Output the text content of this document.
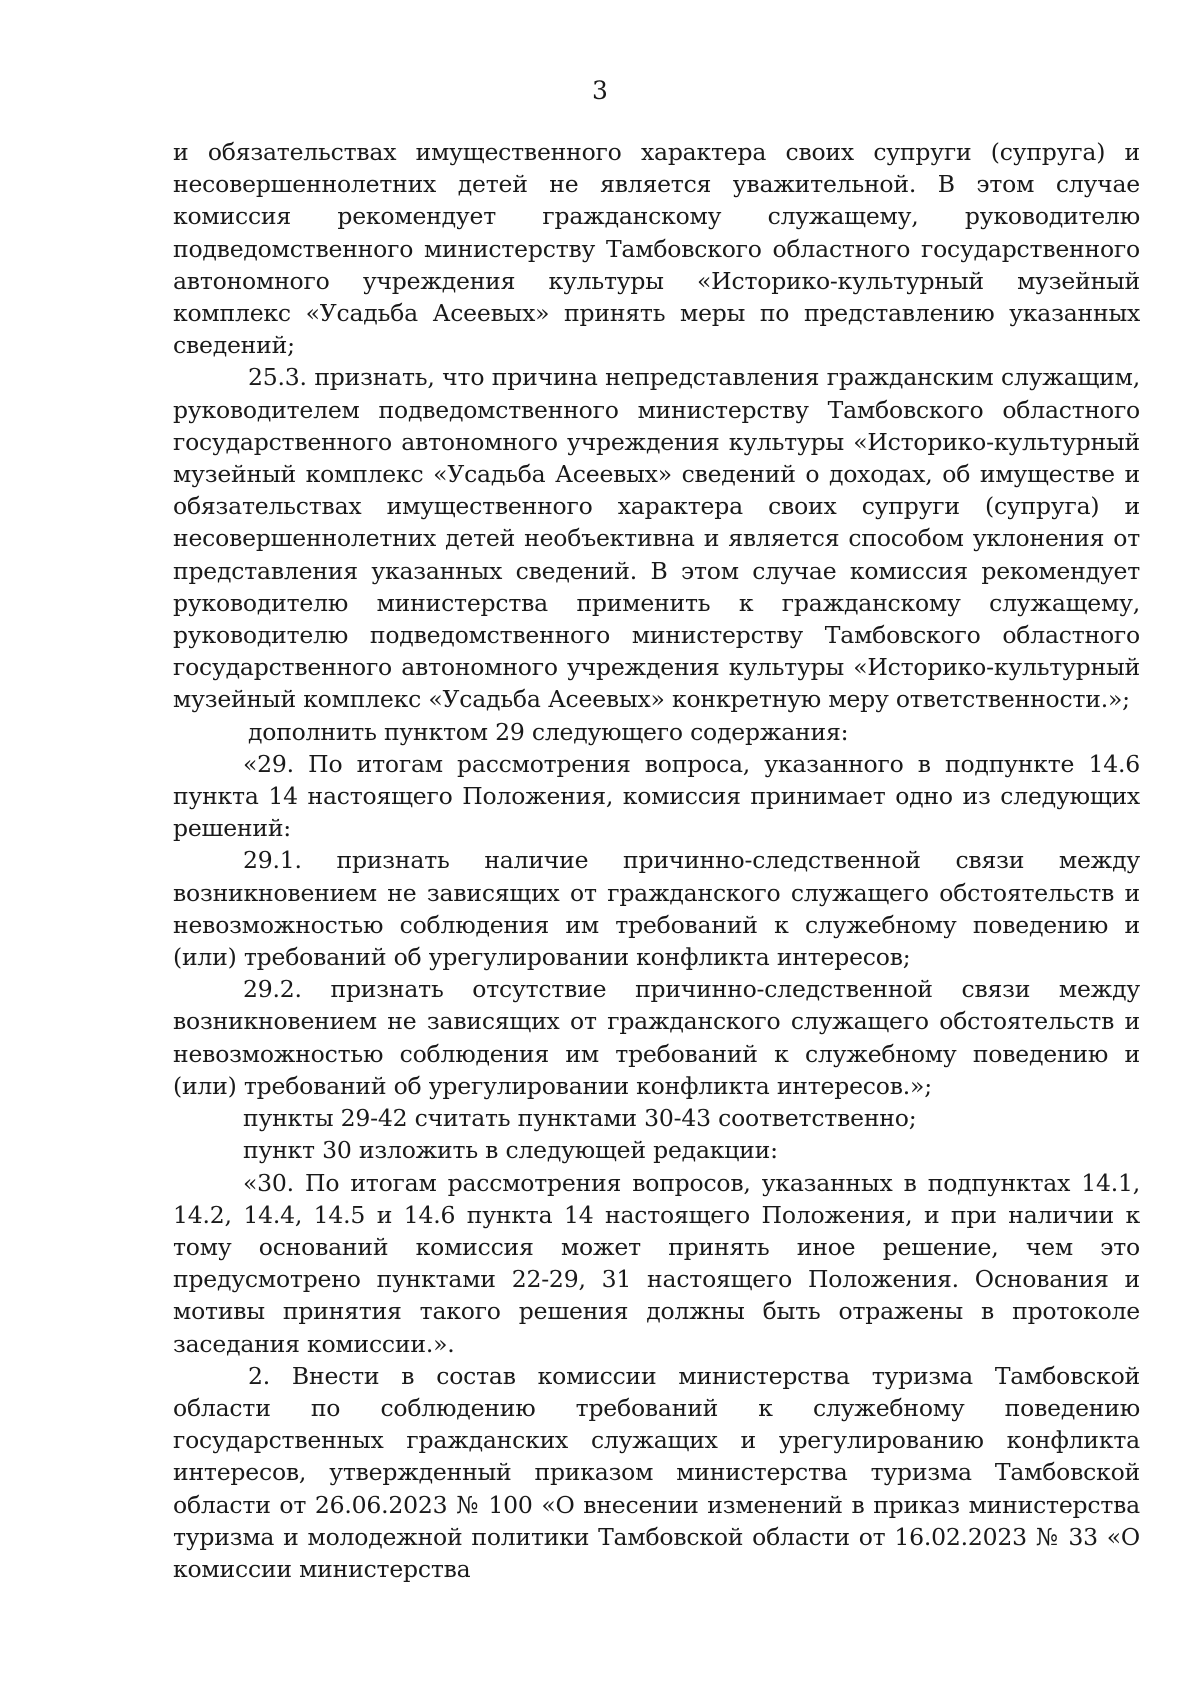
3

и обязательствах имущественного характера своих супруги (супруга) и несовершеннолетних детей не является уважительной. В этом случае комиссия рекомендует гражданскому служащему, руководителю подведомственного министерству Тамбовского областного государственного автономного учреждения культуры «Историко-культурный музейный комплекс «Усадьба Асеевых» принять меры по представлению указанных сведений;

25.3. признать, что причина непредставления гражданским служащим, руководителем подведомственного министерству Тамбовского областного государственного автономного учреждения культуры «Историко-культурный музейный комплекс «Усадьба Асеевых» сведений о доходах, об имуществе и обязательствах имущественного характера своих супруги (супруга) и несовершеннолетних детей необъективна и является способом уклонения от представления указанных сведений. В этом случае комиссия рекомендует руководителю министерства применить к гражданскому служащему, руководителю подведомственного министерству Тамбовского областного государственного автономного учреждения культуры «Историко-культурный музейный комплекс «Усадьба Асеевых» конкретную меру ответственности.»;

дополнить пунктом 29 следующего содержания:

«29. По итогам рассмотрения вопроса, указанного в подпункте 14.6 пункта 14 настоящего Положения, комиссия принимает одно из следующих решений:

29.1. признать наличие причинно-следственной связи между возникновением не зависящих от гражданского служащего обстоятельств и невозможностью соблюдения им требований к служебному поведению и (или) требований об урегулировании конфликта интересов;

29.2. признать отсутствие причинно-следственной связи между возникновением не зависящих от гражданского служащего обстоятельств и невозможностью соблюдения им требований к служебному поведению и (или) требований об урегулировании конфликта интересов.»;

пункты 29-42 считать пунктами 30-43 соответственно;

пункт 30 изложить в следующей редакции:

«30. По итогам рассмотрения вопросов, указанных в подпунктах 14.1, 14.2, 14.4, 14.5 и 14.6 пункта 14 настоящего Положения, и при наличии к тому оснований комиссия может принять иное решение, чем это предусмотрено пунктами 22-29, 31 настоящего Положения. Основания и мотивы принятия такого решения должны быть отражены в протоколе заседания комиссии.».

2. Внести в состав комиссии министерства туризма Тамбовской области по соблюдению требований к служебному поведению государственных гражданских служащих и урегулированию конфликта интересов, утвержденный приказом министерства туризма Тамбовской области от 26.06.2023 № 100 «О внесении изменений в приказ министерства туризма и молодежной политики Тамбовской области от 16.02.2023 № 33 «О комиссии министерства
